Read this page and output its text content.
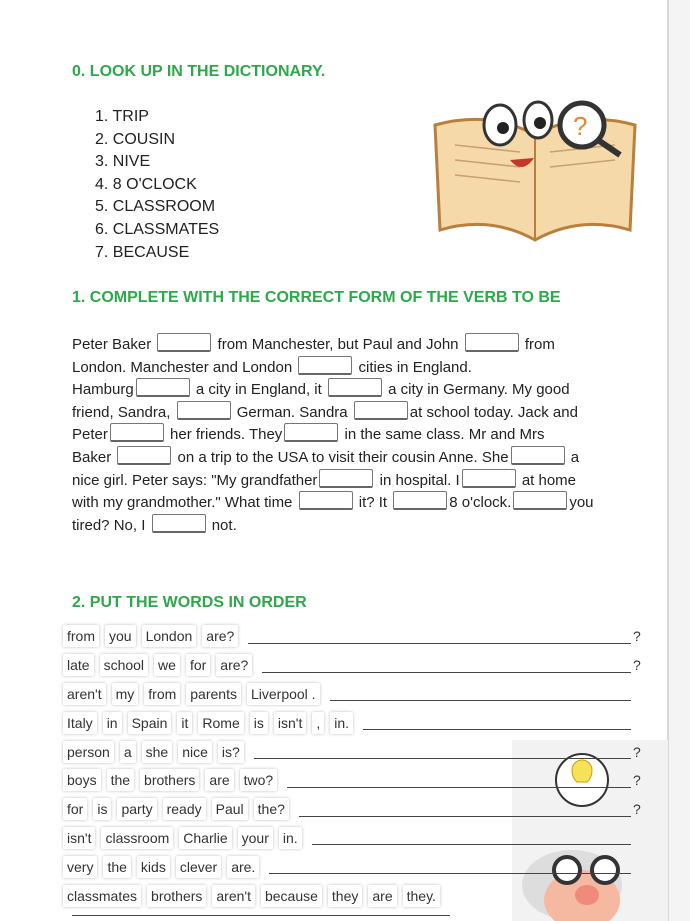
0. LOOK UP IN THE DICTIONARY.
1. TRIP
2. COUSIN
3. NIVE
4. 8 O'CLOCK
5. CLASSROOM
6. CLASSMATES
7. BECAUSE
?
1. COMPLETE WITH THE CORRECT FORM OF THE VERB TO BE
Peter Baker	from Manchester, but Paul and John	from
London. Manchester and London	cities in England.
Hamburg	a city in England, it	a city in Germany. My good
friend, Sandra,	German. Sandra	at school today. Jack and
Peter	her friends. They	in the same class. Mr and Mrs
Baker	on a trip to the USA to visit their cousin Anne. She	a
nice girl. Peter says: "My grandfather	in hospital. I	at home
with my grandmother." What time	it? It	8 o'clock.	you
tired? No, I	not.
2. PUT THE WORDS IN ORDER
from you London are?	?
late school we for are?	?
aren't my from parents Liverpool .
Italy in Spain it Rome is isn't , in.
person a she nice is?	?
boys the brothers are two?	?
for is party ready Paul the?	?
isn't classroom Charlie your in.
very the kids clever are.
classmates brothers aren't because they are they.
